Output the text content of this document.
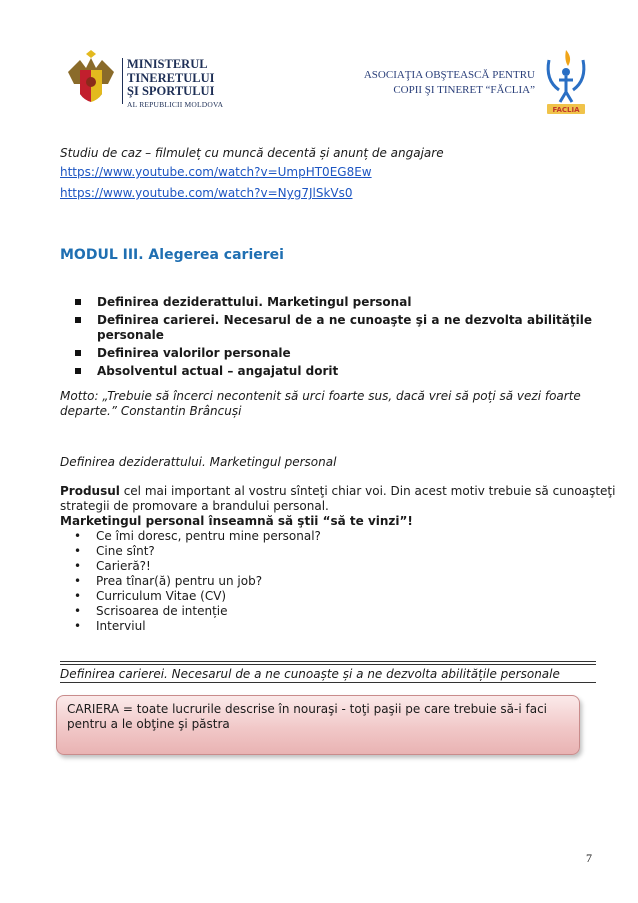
MINISTERUL
TINERETULUI
ŞI SPORTULUI
AL REPUBLICII MOLDOVA
ASOCIAŢIA OBŞTEASCĂ PENTRU
COPII ŞI TINERET “FĂCLIA”
FACLIA
Studiu de caz – filmuleț cu muncă decentă și anunț de angajare
https://www.youtube.com/watch?v=UmpHT0EG8Ew
https://www.youtube.com/watch?v=Nyg7JlSkVs0
MODUL III. Alegerea carierei
Definirea deziderattului. Marketingul personal
Definirea carierei. Necesarul de a ne cunoaşte şi a ne dezvolta abilităţile
personale
Definirea valorilor personale
Absolventul actual – angajatul dorit
Motto: „Trebuie să încerci necontenit să urci foarte sus, dacă vrei să poți să vezi foarte
departe.” Constantin Brâncuși
Definirea deziderattului. Marketingul personal
Produsul cel mai important al vostru sînteţi chiar voi. Din acest motiv trebuie să cunoaşteţi
strategii de promovare a brandului personal.
Marketingul personal înseamnă să ştii “să te vinzi”!
• Ce îmi doresc, pentru mine personal?
• Cine sînt?
• Carieră?!
• Prea tînar(ă) pentru un job?
• Curriculum Vitae (CV)
• Scrisoarea de intenție
• Interviul
Definirea carierei. Necesarul de a ne cunoaște și a ne dezvolta abilitățile personale
CARIERA = toate lucrurile descrise în nouraşi - toţi paşii pe care trebuie să-i faci
pentru a le obţine şi păstra
7
